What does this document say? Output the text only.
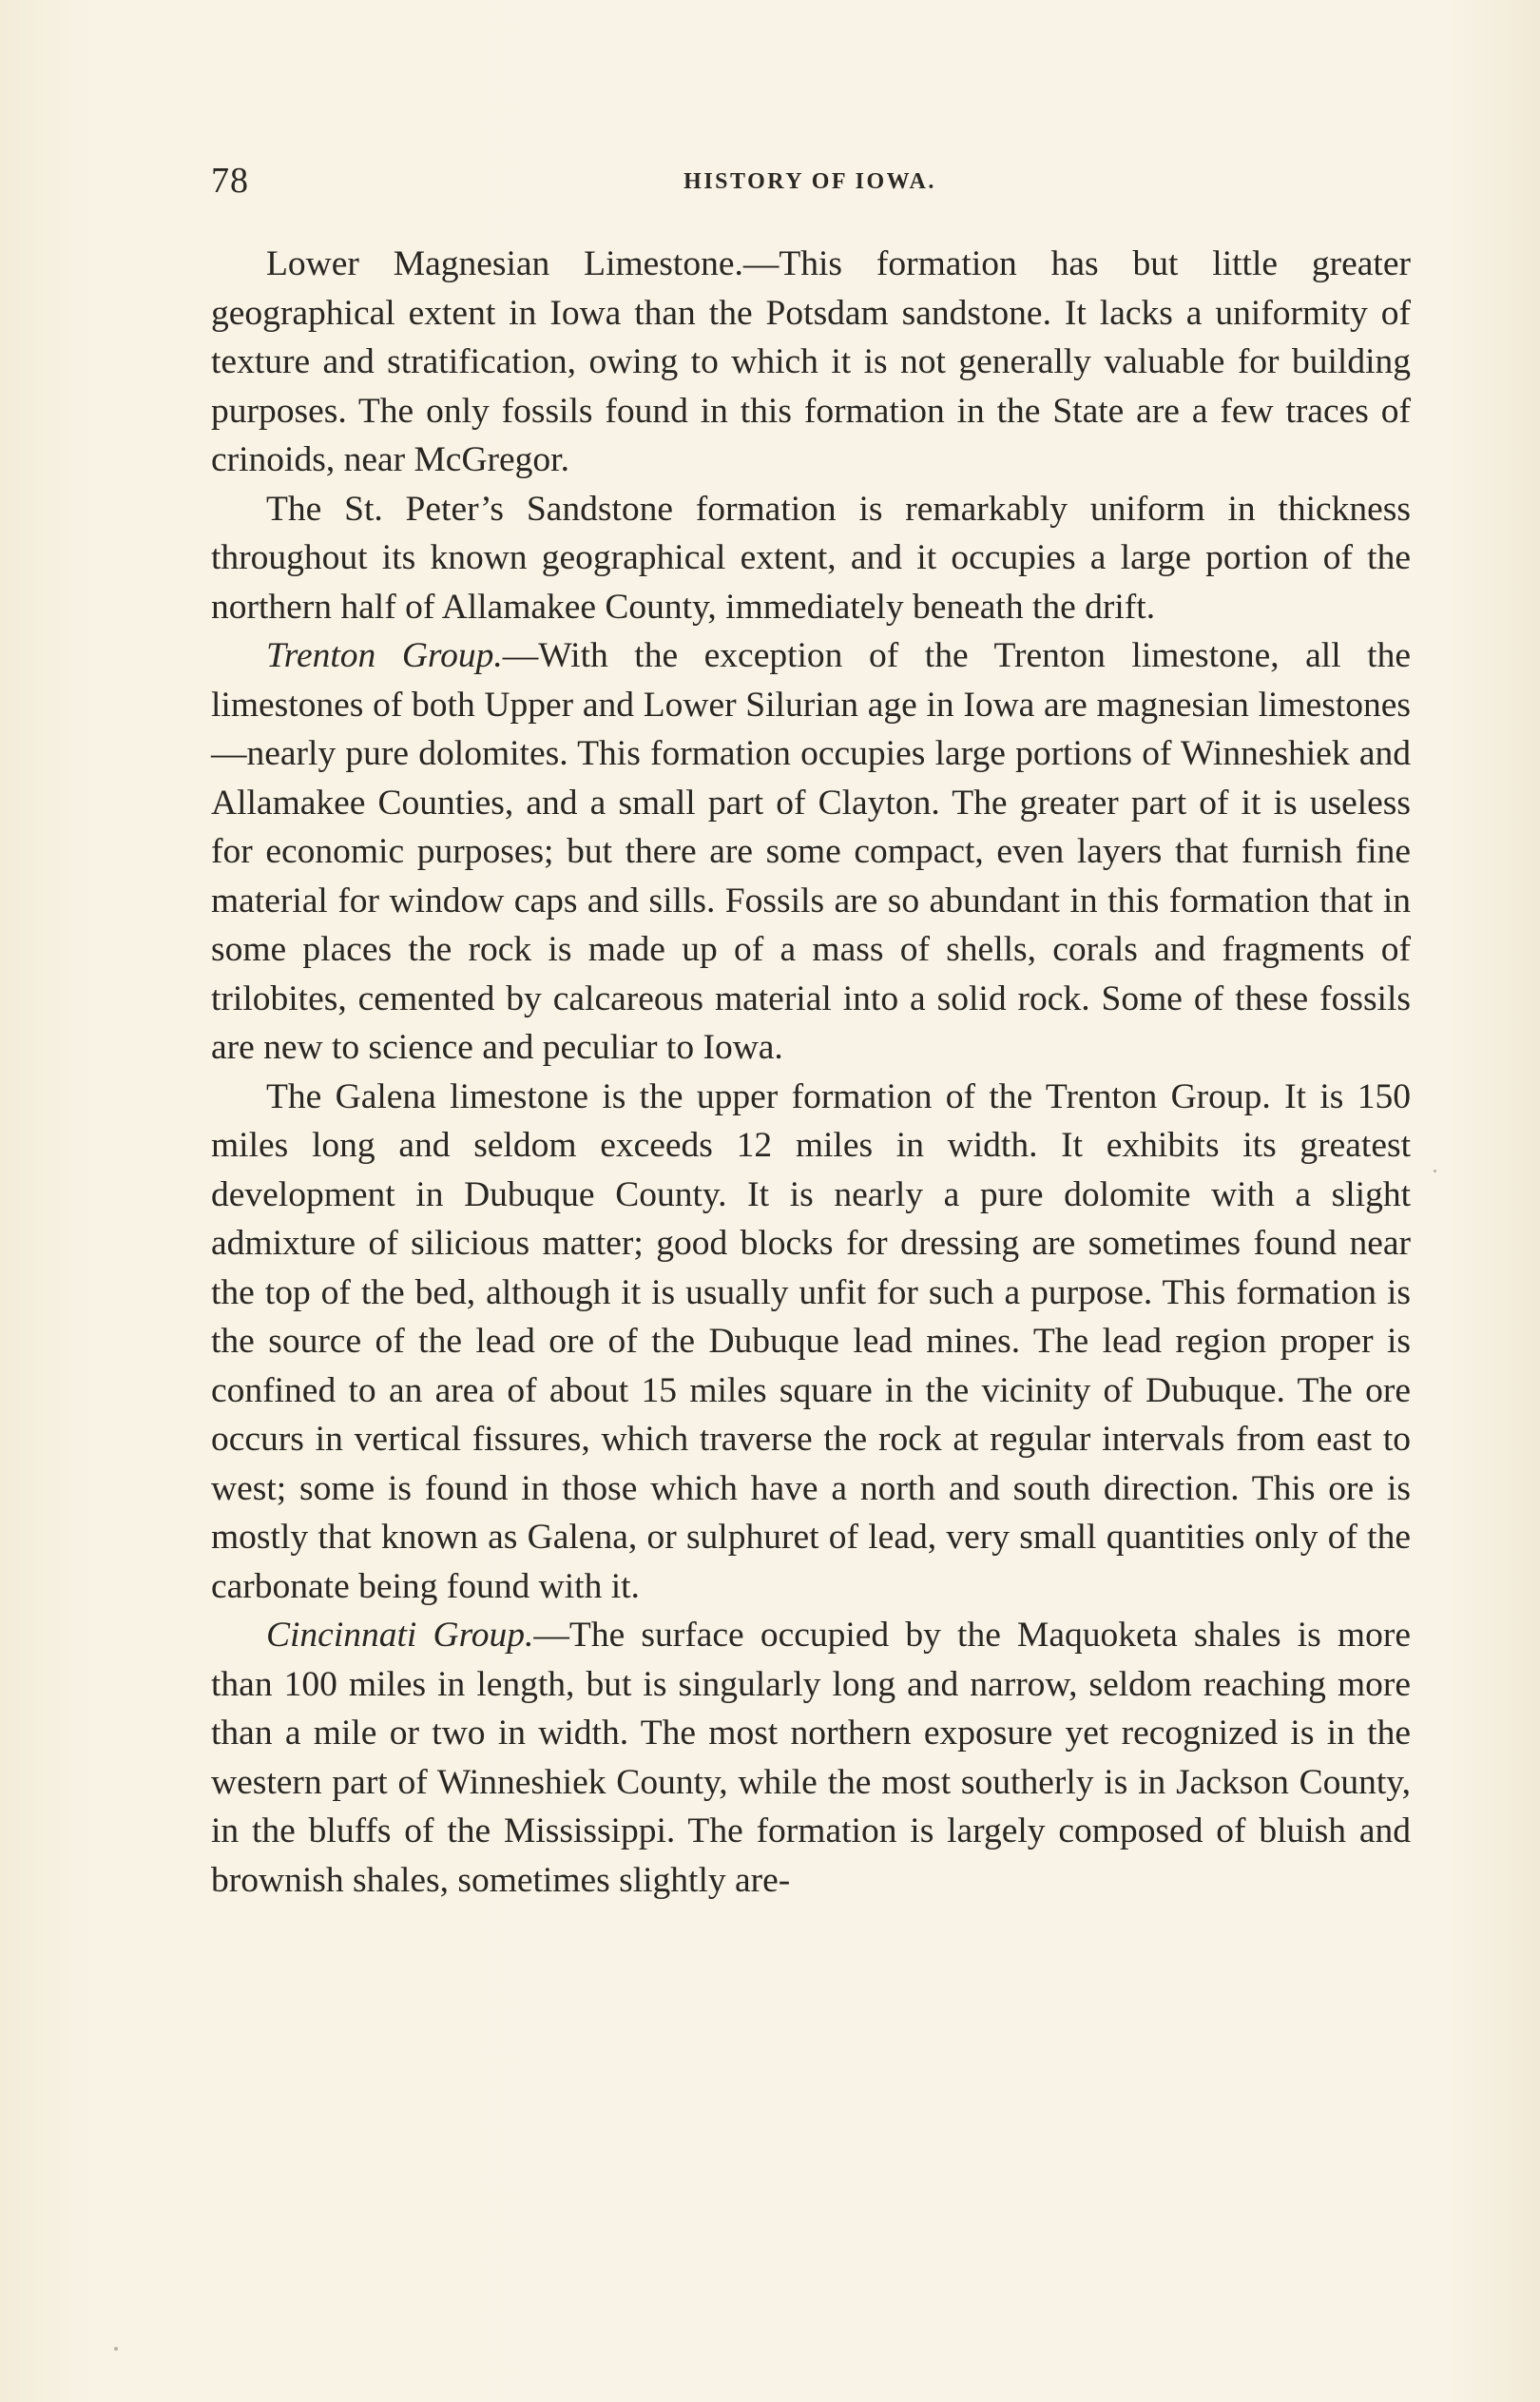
78	HISTORY OF IOWA.

Lower Magnesian Limestone.—This formation has but little greater geographical extent in Iowa than the Potsdam sandstone. It lacks a uniformity of texture and stratification, owing to which it is not generally valuable for building purposes. The only fossils found in this formation in the State are a few traces of crinoids, near McGregor.

The St. Peter’s Sandstone formation is remarkably uniform in thickness throughout its known geographical extent, and it occupies a large portion of the northern half of Allamakee County, immediately beneath the drift.

Trenton Group.—With the exception of the Trenton limestone, all the limestones of both Upper and Lower Silurian age in Iowa are magnesian limestones—nearly pure dolomites. This formation occupies large portions of Winneshiek and Allamakee Counties, and a small part of Clayton. The greater part of it is useless for economic purposes; but there are some compact, even layers that furnish fine material for window caps and sills. Fossils are so abundant in this formation that in some places the rock is made up of a mass of shells, corals and fragments of trilobites, cemented by calcareous material into a solid rock. Some of these fossils are new to science and peculiar to Iowa.

The Galena limestone is the upper formation of the Trenton Group. It is 150 miles long and seldom exceeds 12 miles in width. It exhibits its greatest development in Dubuque County. It is nearly a pure dolomite with a slight admixture of silicious matter; good blocks for dressing are sometimes found near the top of the bed, although it is usually unfit for such a purpose. This formation is the source of the lead ore of the Dubuque lead mines. The lead region proper is confined to an area of about 15 miles square in the vicinity of Dubuque. The ore occurs in vertical fissures, which traverse the rock at regular intervals from east to west; some is found in those which have a north and south direction. This ore is mostly that known as Galena, or sulphuret of lead, very small quantities only of the carbonate being found with it.

Cincinnati Group.—The surface occupied by the Maquoketa shales is more than 100 miles in length, but is singularly long and narrow, seldom reaching more than a mile or two in width. The most northern exposure yet recognized is in the western part of Winneshiek County, while the most southerly is in Jackson County, in the bluffs of the Mississippi. The formation is largely composed of bluish and brownish shales, sometimes slightly are-
